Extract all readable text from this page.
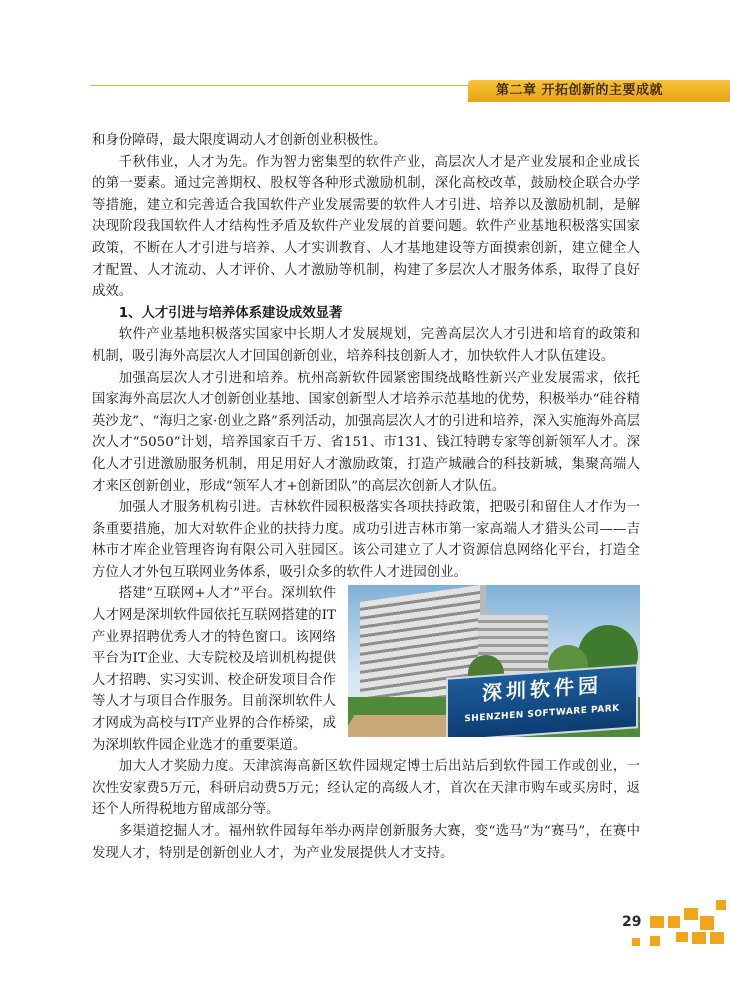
第二章 开拓创新的主要成就

和身份障碍，最大限度调动人才创新创业积极性。

千秋伟业，人才为先。作为智力密集型的软件产业，高层次人才是产业发展和企业成长的第一要素。通过完善期权、股权等各种形式激励机制，深化高校改革，鼓励校企联合办学等措施，建立和完善适合我国软件产业发展需要的软件人才引进、培养以及激励机制，是解决现阶段我国软件人才结构性矛盾及软件产业发展的首要问题。软件产业基地积极落实国家政策，不断在人才引进与培养、人才实训教育、人才基地建设等方面摸索创新，建立健全人才配置、人才流动、人才评价、人才激励等机制，构建了多层次人才服务体系，取得了良好成效。

1、人才引进与培养体系建设成效显著

软件产业基地积极落实国家中长期人才发展规划，完善高层次人才引进和培育的政策和机制，吸引海外高层次人才回国创新创业，培养科技创新人才，加快软件人才队伍建设。

加强高层次人才引进和培养。杭州高新软件园紧密围绕战略性新兴产业发展需求，依托国家海外高层次人才创新创业基地、国家创新型人才培养示范基地的优势，积极举办“硅谷精英沙龙”、“海归之家·创业之路”系列活动，加强高层次人才的引进和培养，深入实施海外高层次人才“5050”计划，培养国家百千万、省151、市131、钱江特聘专家等创新领军人才。深化人才引进激励服务机制，用足用好人才激励政策，打造产城融合的科技新城，集聚高端人才来区创新创业，形成“领军人才+创新团队”的高层次创新人才队伍。

加强人才服务机构引进。吉林软件园积极落实各项扶持政策，把吸引和留住人才作为一条重要措施，加大对软件企业的扶持力度。成功引进吉林市第一家高端人才猎头公司——吉林市才库企业管理咨询有限公司入驻园区。该公司建立了人才资源信息网络化平台，打造全方位人才外包互联网业务体系，吸引众多的软件人才进园创业。

深圳软件园
SHENZHEN SOFTWARE PARK

搭建“互联网+人才”平台。深圳软件人才网是深圳软件园依托互联网搭建的IT产业界招聘优秀人才的特色窗口。该网络平台为IT企业、大专院校及培训机构提供人才招聘、实习实训、校企研发项目合作等人才与项目合作服务。目前深圳软件人才网成为高校与IT产业界的合作桥梁，成为深圳软件园企业选才的重要渠道。

加大人才奖励力度。天津滨海高新区软件园规定博士后出站后到软件园工作或创业，一次性安家费5万元，科研启动费5万元；经认定的高级人才，首次在天津市购车或买房时，返还个人所得税地方留成部分等。

多渠道挖掘人才。福州软件园每年举办两岸创新服务大赛，变“选马”为“赛马”，在赛中发现人才，特别是创新创业人才，为产业发展提供人才支持。

29
